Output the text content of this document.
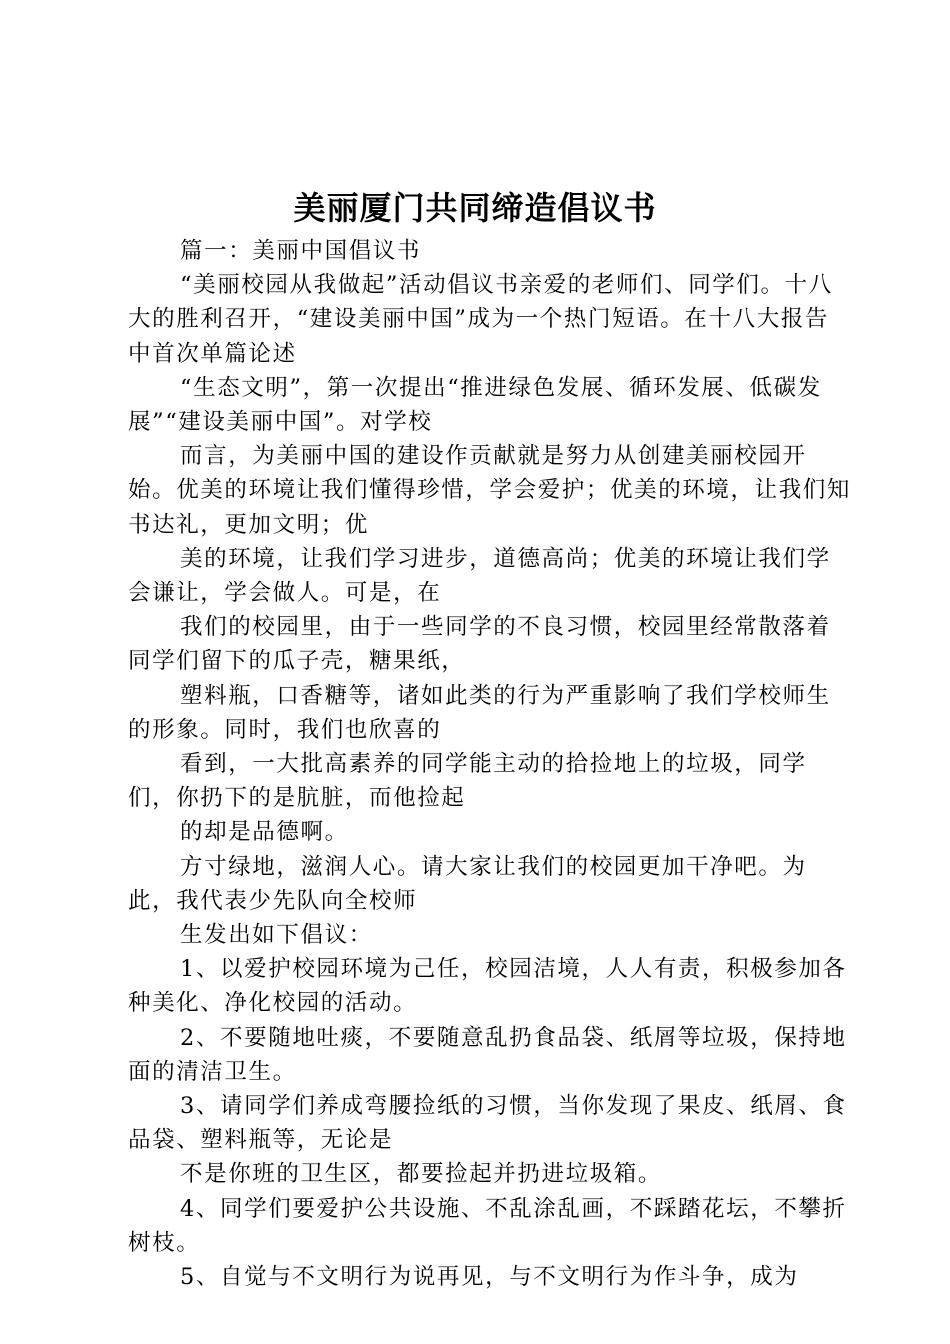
美丽厦门共同缔造倡议书

篇一：美丽中国倡议书

“美丽校园从我做起”活动倡议书亲爱的老师们、同学们。十八大的胜利召开，“建设美丽中国”成为一个热门短语。在十八大报告中首次单篇论述

“生态文明”，第一次提出“推进绿色发展、循环发展、低碳发展”“建设美丽中国”。对学校

而言，为美丽中国的建设作贡献就是努力从创建美丽校园开始。优美的环境让我们懂得珍惜，学会爱护；优美的环境，让我们知书达礼，更加文明；优

美的环境，让我们学习进步，道德高尚；优美的环境让我们学会谦让，学会做人。可是，在

我们的校园里，由于一些同学的不良习惯，校园里经常散落着同学们留下的瓜子壳，糖果纸，

塑料瓶，口香糖等，诸如此类的行为严重影响了我们学校师生的形象。同时，我们也欣喜的

看到，一大批高素养的同学能主动的拾捡地上的垃圾，同学们，你扔下的是肮脏，而他捡起

的却是品德啊。

方寸绿地，滋润人心。请大家让我们的校园更加干净吧。为此，我代表少先队向全校师

生发出如下倡议：

1、以爱护校园环境为己任，校园洁境，人人有责，积极参加各种美化、净化校园的活动。

2、不要随地吐痰，不要随意乱扔食品袋、纸屑等垃圾，保持地面的清洁卫生。

3、请同学们养成弯腰捡纸的习惯，当你发现了果皮、纸屑、食品袋、塑料瓶等，无论是

不是你班的卫生区，都要捡起并扔进垃圾箱。

4、同学们要爱护公共设施、不乱涂乱画，不踩踏花坛，不攀折树枝。

5、自觉与不文明行为说再见，与不文明行为作斗争，成为
